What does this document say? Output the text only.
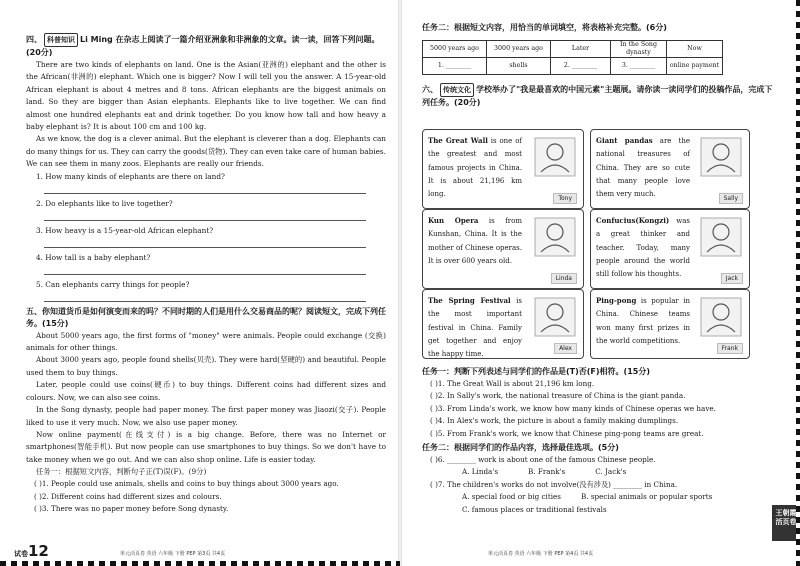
四、 科普知识 Li Ming 在杂志上阅读了一篇介绍亚洲象和非洲象的文章。读一读，回答下列问题。(20分)
There are two kinds of elephants on land. One is the Asian(亚洲的) elephant and the other is the African(非洲的) elephant. Which one is bigger? Now I will tell you the answer. A 15-year-old African elephant is about 4 metres and 8 tons. African elephants are the biggest animals on land. So they are bigger than Asian elephants. Elephants like to live together. We can find almost one hundred elephants eat and drink together. Do you know how tall and how heavy a baby elephant is? It is about 100 cm and 100 kg.
As we know, the dog is a clever animal. But the elephant is cleverer than a dog. Elephants can do many things for us. They can carry the goods(货物). They can even take care of human babies. We can see them in many zoos. Elephants are really our friends.
1. How many kinds of elephants are there on land?
2. Do elephants like to live together?
3. How heavy is a 15-year-old African elephant?
4. How tall is a baby elephant?
5. Can elephants carry things for people?
五、你知道货币是如何演变而来的吗？不同时期的人们是用什么交易商品的呢？阅读短文，完成下列任务。(15分)
About 5000 years ago, the first forms of "money" were animals. People could exchange (交换) animals for other things.
About 3000 years ago, people found shells(贝壳). They were hard(坚硬的) and beautiful. People used them to buy things.
Later, people could use coins(硬币) to buy things. Different coins had different sizes and colours. Now, we can also see coins.
In the Song dynasty, people had paper money. The first paper money was Jiaozi(交子). People liked to use it very much. Now, we also use paper money.
Now online payment(在线支付) is a big change. Before, there was no Internet or smartphones(智能手机). But now people can use smartphones to buy things. So we don't have to take money when we go out. And we can also shop online. Life is easier today.
任务一：根据短文内容，判断句子正(T)误(F)。(9分)
( )1. People could use animals, shells and coins to buy things about 3000 years ago.
( )2. Different coins had different sizes and colours.
( )3. There was no paper money before Song dynasty.
试卷12	单元活页卷 英语 六年级 下册 PEP 第3页 共4页
任务二：根据短文内容，用恰当的单词填空，将表格补充完整。(6分)
5000 years ago	3000 years ago	Later	In the Song dynasty	Now
1. ________	shells	2. ________	3. ________	online payment
六、 传统文化 学校举办了"我是最喜欢的中国元素"主题展。请你读一读同学们的投稿作品，完成下列任务。(20分)
The Great Wall is one of the greatest and most famous projects in China. It is about 21,196 km long.
Tony
Giant pandas are the national treasures of China. They are so cute that many people love them very much.
Sally
Kun Opera is from Kunshan, China. It is the mother of Chinese operas. It is over 600 years old.
Linda
Confucius(Kongzi) was a great thinker and teacher. Today, many people around the world still follow his thoughts.
Jack
The Spring Festival is the most important festival in China. Family get together and enjoy the happy time.
Alex
Ping-pong is popular in China. Chinese teams won many first prizes in the world competitions.
Frank
任务一：判断下列表述与同学们的作品是(T)否(F)相符。(15分)
( )1. The Great Wall is about 21,196 km long.
( )2. In Sally's work, the national treasure of China is the giant panda.
( )3. From Linda's work, we know how many kinds of Chinese operas we have.
( )4. In Alex's work, the picture is about a family making dumplings.
( )5. From Frank's work, we know that Chinese ping-pong teams are great.
任务二：根据同学们的作品内容，选择最佳选项。(5分)
( )6. ________ work is about one of the famous Chinese people.
A. Linda's	B. Frank's	C. Jack's
( )7. The children's works do not involve(没有涉及) ________ in China.
A. special food or big cities	B. special animals or popular sports
C. famous places or traditional festivals	王朝霞 活页卷
单元活页卷 英语 六年级 下册 PEP 第4页 共4页
